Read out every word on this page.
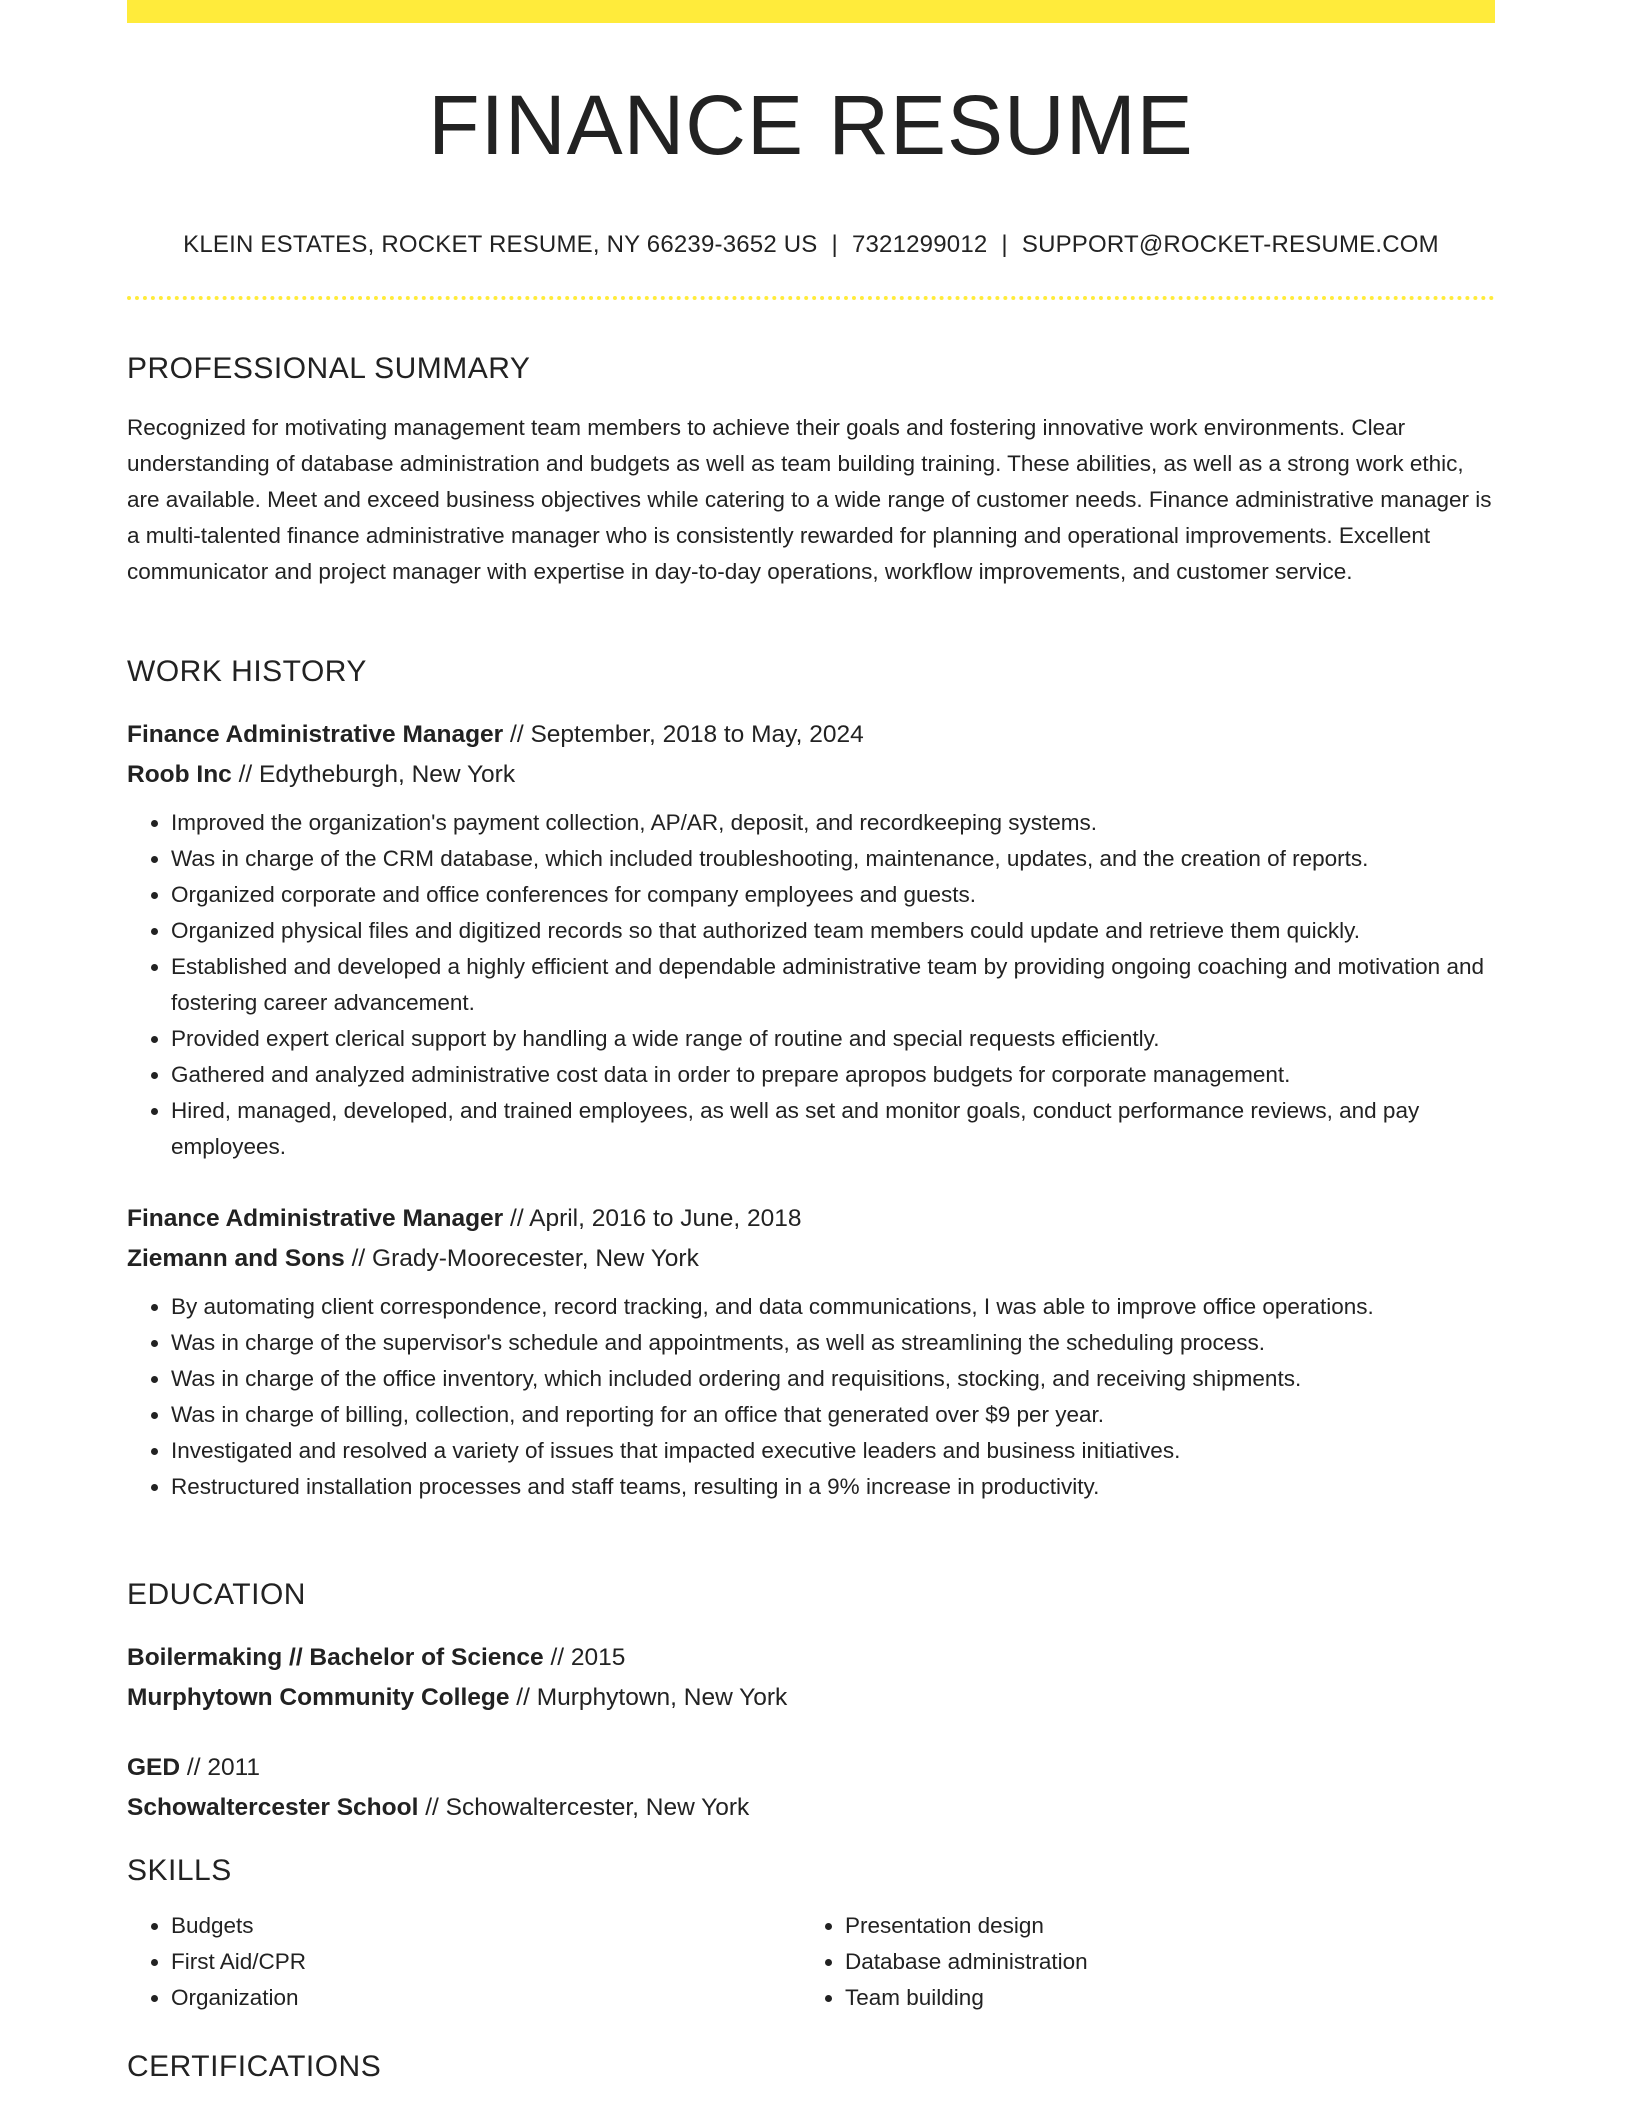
FINANCE RESUME
KLEIN ESTATES, ROCKET RESUME, NY 66239-3652 US | 7321299012 | SUPPORT@ROCKET-RESUME.COM
PROFESSIONAL SUMMARY

Recognized for motivating management team members to achieve their goals and fostering innovative work environments. Clear understanding of database administration and budgets as well as team building training. These abilities, as well as a strong work ethic, are available. Meet and exceed business objectives while catering to a wide range of customer needs. Finance administrative manager is a multi-talented finance administrative manager who is consistently rewarded for planning and operational improvements. Excellent communicator and project manager with expertise in day-to-day operations, workflow improvements, and customer service.

WORK HISTORY
Finance Administrative Manager // September, 2018 to May, 2024
Roob Inc // Edytheburgh, New York
• Improved the organization's payment collection, AP/AR, deposit, and recordkeeping systems.
• Was in charge of the CRM database, which included troubleshooting, maintenance, updates, and the creation of reports.
• Organized corporate and office conferences for company employees and guests.
• Organized physical files and digitized records so that authorized team members could update and retrieve them quickly.
• Established and developed a highly efficient and dependable administrative team by providing ongoing coaching and motivation and fostering career advancement.
• Provided expert clerical support by handling a wide range of routine and special requests efficiently.
• Gathered and analyzed administrative cost data in order to prepare apropos budgets for corporate management.
• Hired, managed, developed, and trained employees, as well as set and monitor goals, conduct performance reviews, and pay employees.
Finance Administrative Manager // April, 2016 to June, 2018
Ziemann and Sons // Grady-Moorecester, New York
• By automating client correspondence, record tracking, and data communications, I was able to improve office operations.
• Was in charge of the supervisor's schedule and appointments, as well as streamlining the scheduling process.
• Was in charge of the office inventory, which included ordering and requisitions, stocking, and receiving shipments.
• Was in charge of billing, collection, and reporting for an office that generated over $9 per year.
• Investigated and resolved a variety of issues that impacted executive leaders and business initiatives.
• Restructured installation processes and staff teams, resulting in a 9% increase in productivity.
EDUCATION
Boilermaking // Bachelor of Science // 2015
Murphytown Community College // Murphytown, New York
GED // 2011
Schowaltercester School // Schowaltercester, New York
SKILLS
• Budgets
• First Aid/CPR
• Organization
• Presentation design
• Database administration
• Team building
CERTIFICATIONS
